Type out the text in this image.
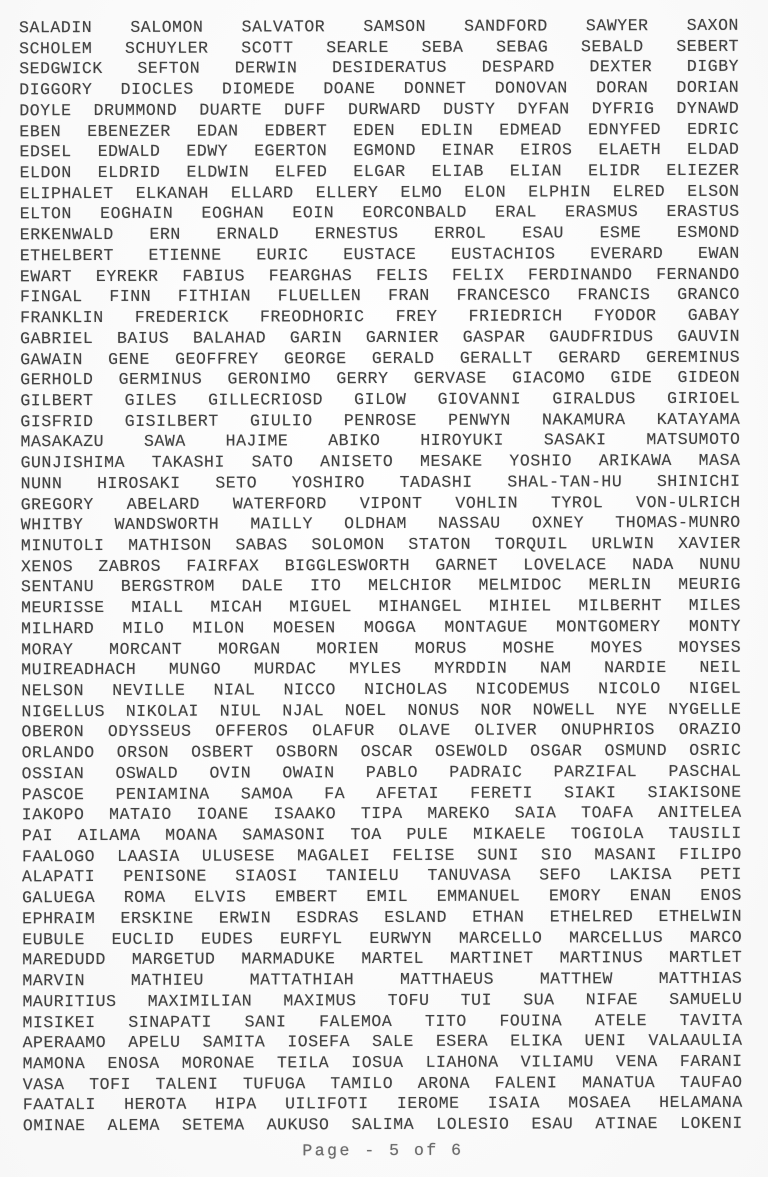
SALADIN SALOMON SALVATOR SAMSON SANDFORD SAWYER SAXON
SCHOLEM SCHUYLER SCOTT SEARLE SEBA SEBAG SEBALD SEBERT
SEDGWICK SEFTON DERWIN DESIDERATUS DESPARD DEXTER DIGBY
DIGGORY DIOCLES DIOMEDE DOANE DONNET DONOVAN DORAN DORIAN
DOYLE DRUMMOND DUARTE DUFF DURWARD DUSTY DYFAN DYFRIG DYNAWD
EBEN EBENEZER EDAN EDBERT EDEN EDLIN EDMEAD EDNYFED EDRIC
EDSEL EDWALD EDWY EGERTON EGMOND EINAR EIROS ELAETH ELDAD
ELDON ELDRID ELDWIN ELFED ELGAR ELIAB ELIAN ELIDR ELIEZER
ELIPHALET ELKANAH ELLARD ELLERY ELMO ELON ELPHIN ELRED ELSON
ELTON EOGHAIN EOGHAN EOIN EORCONBALD ERAL ERASMUS ERASTUS
ERKENWALD ERN ERNALD ERNESTUS ERROL ESAU ESME ESMOND
ETHELBERT ETIENNE EURIC EUSTACE EUSTACHIOS EVERARD EWAN
EWART EYREKR FABIUS FEARGHAS FELIS FELIX FERDINANDO FERNANDO
FINGAL FINN FITHIAN FLUELLEN FRAN FRANCESCO FRANCIS GRANCO
FRANKLIN FREDERICK FREODHORIC FREY FRIEDRICH FYODOR GABAY
GABRIEL BAIUS BALAHAD GARIN GARNIER GASPAR GAUDFRIDUS GAUVIN
GAWAIN GENE GEOFFREY GEORGE GERALD GERALLT GERARD GEREMINUS
GERHOLD GERMINUS GERONIMO GERRY GERVASE GIACOMO GIDE GIDEON
GILBERT GILES GILLECRIOSD GILOW GIOVANNI GIRALDUS GIRIOEL
GISFRID GISILBERT GIULIO PENROSE PENWYN NAKAMURA KATAYAMA
MASAKAZU SAWA HAJIME ABIKO HIROYUKI SASAKI MATSUMOTO
GUNJISHIMA TAKASHI SATO ANISETO MESAKE YOSHIO ARIKAWA MASA
NUNN HIROSAKI SETO YOSHIRO TADASHI SHAL-TAN-HU SHINICHI
GREGORY ABELARD WATERFORD VIPONT VOHLIN TYROL VON-ULRICH
WHITBY WANDSWORTH MAILLY OLDHAM NASSAU OXNEY THOMAS-MUNRO
MINUTOLI MATHISON SABAS SOLOMON STATON TORQUIL URLWIN XAVIER
XENOS ZABROS FAIRFAX BIGGLESWORTH GARNET LOVELACE NADA NUNU
SENTANU BERGSTROM DALE ITO MELCHIOR MELMIDOC MERLIN MEURIG
MEURISSE MIALL MICAH MIGUEL MIHANGEL MIHIEL MILBERHT MILES
MILHARD MILO MILON MOESEN MOGGA MONTAGUE MONTGOMERY MONTY
MORAY MORCANT MORGAN MORIEN MORUS MOSHE MOYES MOYSES
MUIREADHACH MUNGO MURDAC MYLES MYRDDIN NAM NARDIE NEIL
NELSON NEVILLE NIAL NICCO NICHOLAS NICODEMUS NICOLO NIGEL
NIGELLUS NIKOLAI NIUL NJAL NOEL NONUS NOR NOWELL NYE NYGELLE
OBERON ODYSSEUS OFFEROS OLAFUR OLAVE OLIVER ONUPHRIOS ORAZIO
ORLANDO ORSON OSBERT OSBORN OSCAR OSEWOLD OSGAR OSMUND OSRIC
OSSIAN OSWALD OVIN OWAIN PABLO PADRAIC PARZIFAL PASCHAL
PASCOE PENIAMINA SAMOA FA AFETAI FERETI SIAKI SIAKISONE
IAKOPO MATAIO IOANE ISAAKO TIPA MAREKO SAIA TOAFA ANITELEA
PAI AILAMA MOANA SAMASONI TOA PULE MIKAELE TOGIOLA TAUSILI
FAALOGO LAASIA ULUSESE MAGALEI FELISE SUNI SIO MASANI FILIPO
ALAPATI PENISONE SIAOSI TANIELU TANUVASA SEFO LAKISA PETI
GALUEGA ROMA ELVIS EMBERT EMIL EMMANUEL EMORY ENAN ENOS
EPHRAIM ERSKINE ERWIN ESDRAS ESLAND ETHAN ETHELRED ETHELWIN
EUBULE EUCLID EUDES EURFYL EURWYN MARCELLO MARCELLUS MARCO
MAREDUDD MARGETUD MARMADUKE MARTEL MARTINET MARTINUS MARTLET
MARVIN	MATHIEU	MATTATHIAH	MATTHAEUS	MATTHEW	MATTHIAS
MAURITIUS MAXIMILIAN MAXIMUS TOFU TUI SUA NIFAE SAMUELU
MISIKEI SINAPATI SANI FALEMOA TITO FOUINA ATELE TAVITA
APERAAMO APELU SAMITA IOSEFA SALE ESERA ELIKA UENI VALAAULIA
MAMONA ENOSA MORONAE TEILA IOSUA LIAHONA VILIAMU VENA FARANI
VASA TOFI TALENI TUFUGA TAMILO ARONA FALENI MANATUA TAUFAO
FAATALI HEROTA HIPA UILIFOTI IEROME ISAIA MOSAEA HELAMANA
OMINAE ALEMA SETEMA AUKUSO SALIMA LOLESIO ESAU ATINAE LOKENI
Page - 5 of 6
